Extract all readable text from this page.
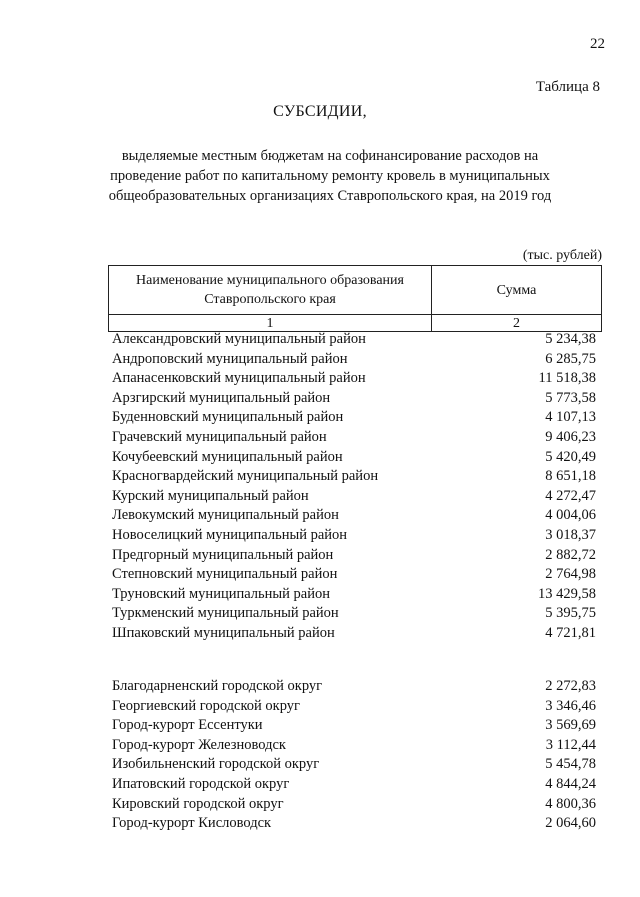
22
Таблица 8
СУБСИДИИ,
выделяемые местным бюджетам на софинансирование расходов на
проведение работ по капитальному ремонту кровель в муниципальных
общеобразовательных организациях Ставропольского края, на 2019 год
(тыс. рублей)
Наименование муниципального образования
Ставропольского края	Сумма
1	2
Александровский муниципальный район	5 234,38
Андроповский муниципальный район	6 285,75
Апанасенковский муниципальный район	11 518,38
Арзгирский муниципальный район	5 773,58
Буденновский муниципальный район	4 107,13
Грачевский муниципальный район	9 406,23
Кочубеевский муниципальный район	5 420,49
Красногвардейский муниципальный район	8 651,18
Курский муниципальный район	4 272,47
Левокумский муниципальный район	4 004,06
Новоселицкий муниципальный район	3 018,37
Предгорный муниципальный район	2 882,72
Степновский муниципальный район	2 764,98
Труновский муниципальный район	13 429,58
Туркменский муниципальный район	5 395,75
Шпаковский муниципальный район	4 721,81
Благодарненский городской округ	2 272,83
Георгиевский городской округ	3 346,46
Город-курорт Ессентуки	3 569,69
Город-курорт Железноводск	3 112,44
Изобильненский городской округ	5 454,78
Ипатовский городской округ	4 844,24
Кировский городской округ	4 800,36
Город-курорт Кисловодск	2 064,60
